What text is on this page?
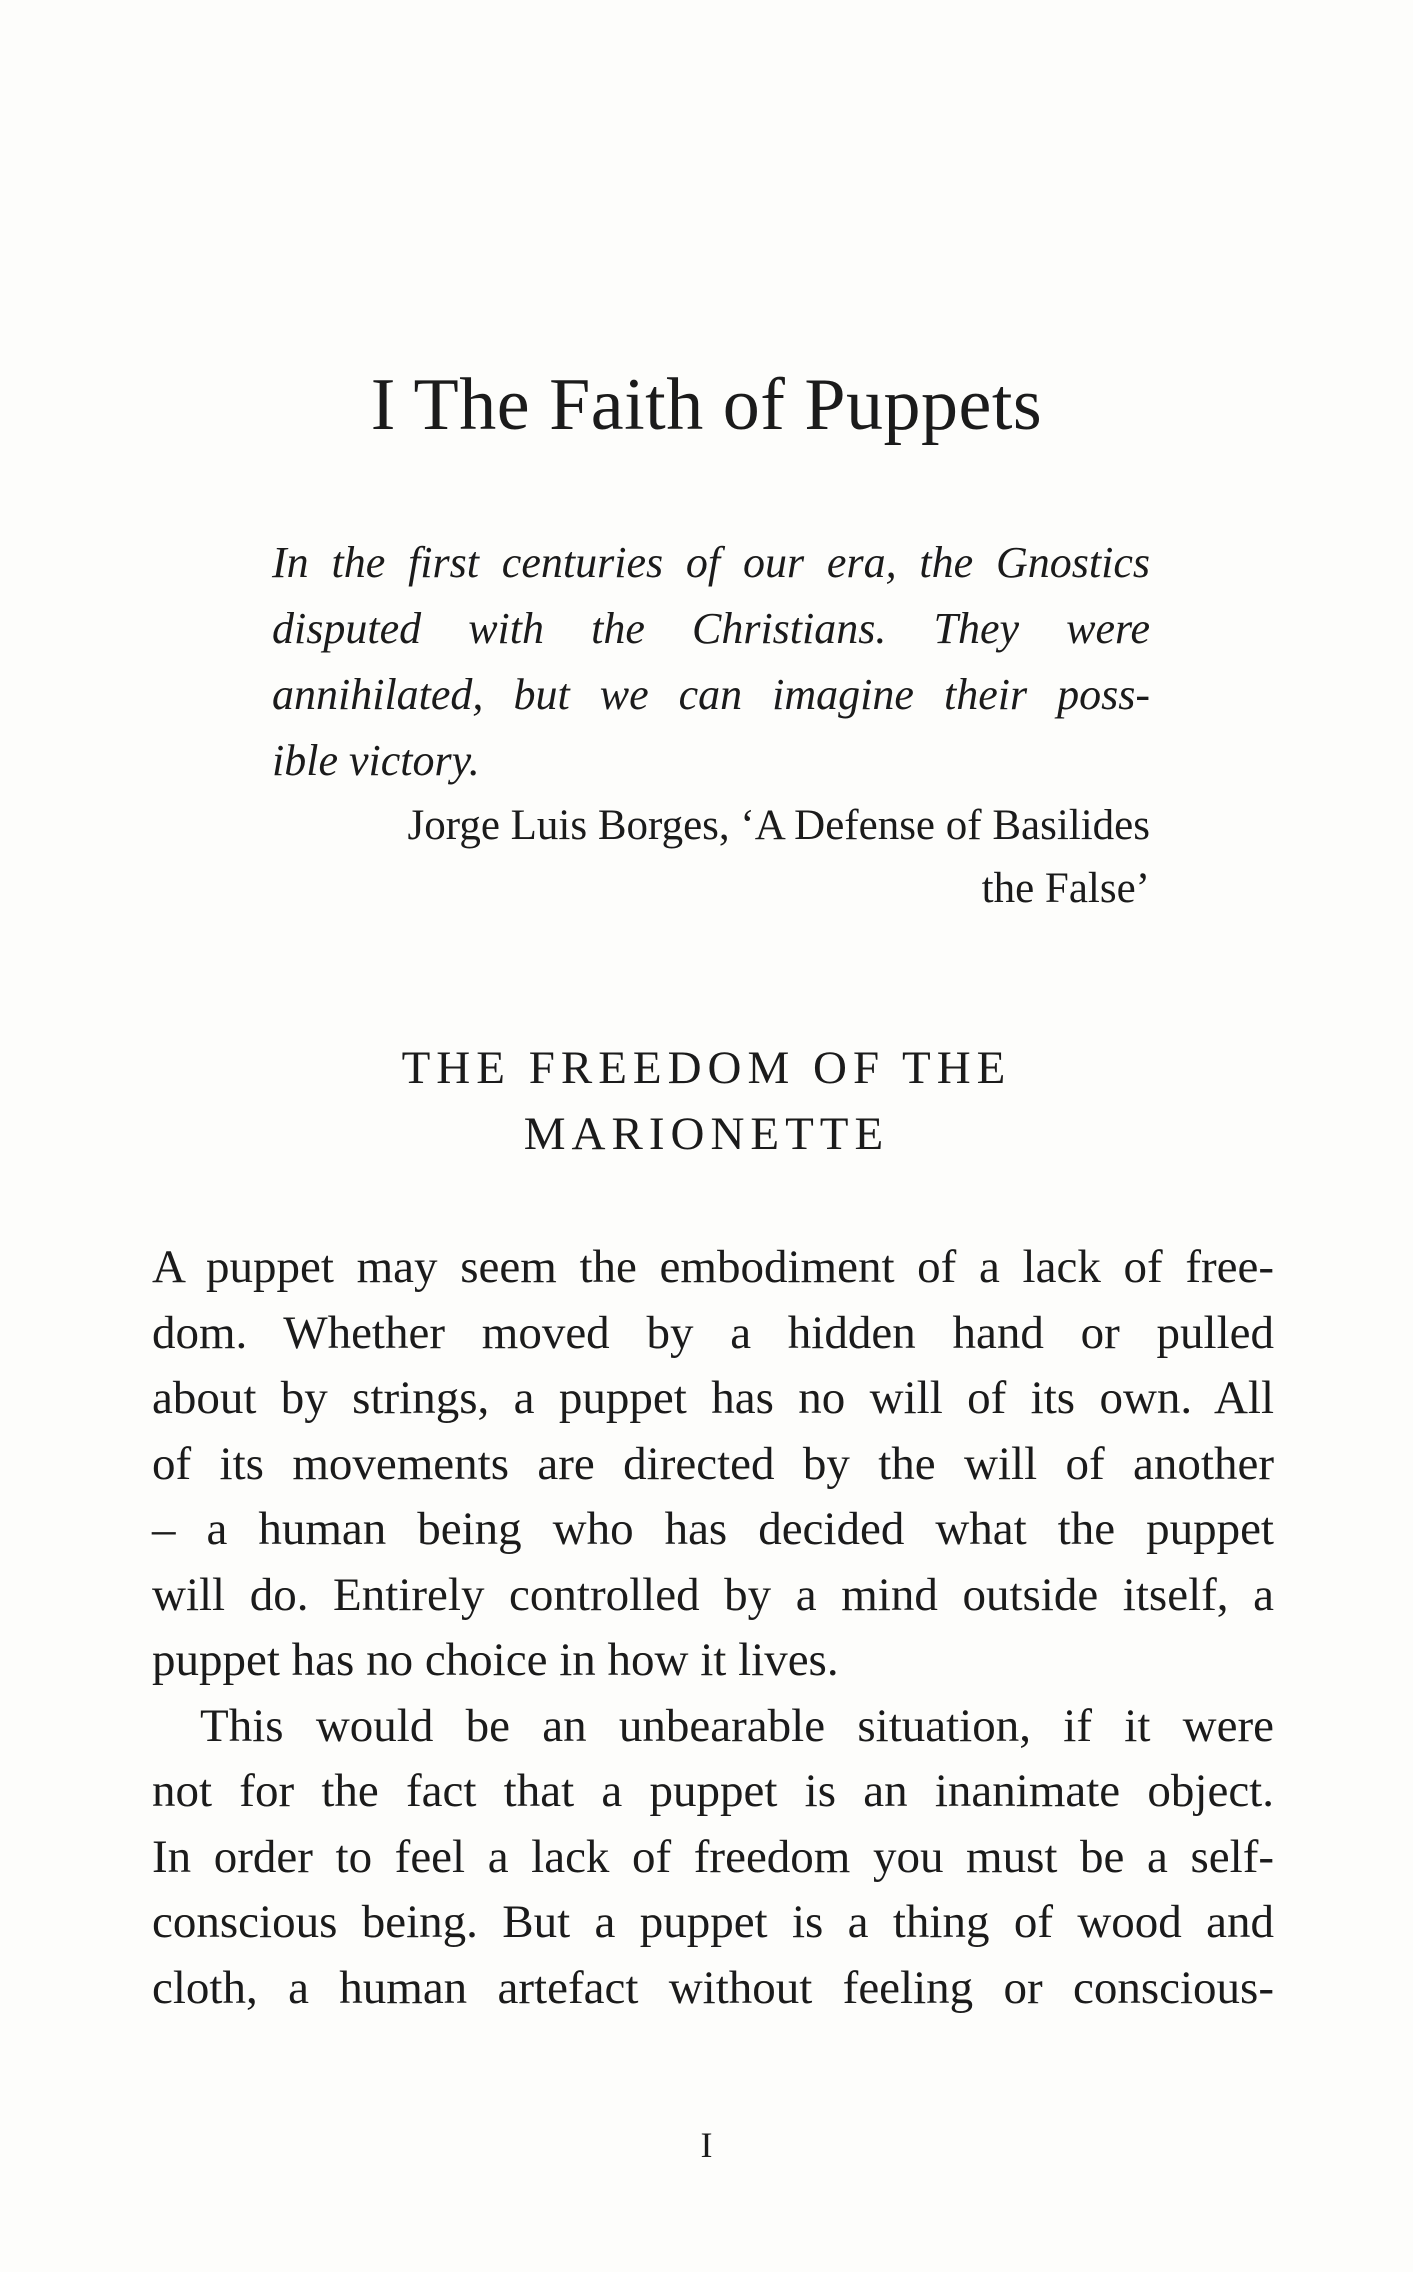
I The Faith of Puppets

In the first centuries of our era, the Gnostics
disputed with the Christians. They were
annihilated, but we can imagine their poss-
ible victory.

Jorge Luis Borges, ‘A Defense of Basilides
the False’

THE FREEDOM OF THE
MARIONETTE

A puppet may seem the embodiment of a lack of free-
dom. Whether moved by a hidden hand or pulled
about by strings, a puppet has no will of its own. All
of its movements are directed by the will of another
– a human being who has decided what the puppet
will do. Entirely controlled by a mind outside itself, a
puppet has no choice in how it lives.

This would be an unbearable situation, if it were
not for the fact that a puppet is an inanimate object.
In order to feel a lack of freedom you must be a self-
conscious being. But a puppet is a thing of wood and
cloth, a human artefact without feeling or conscious-

I
